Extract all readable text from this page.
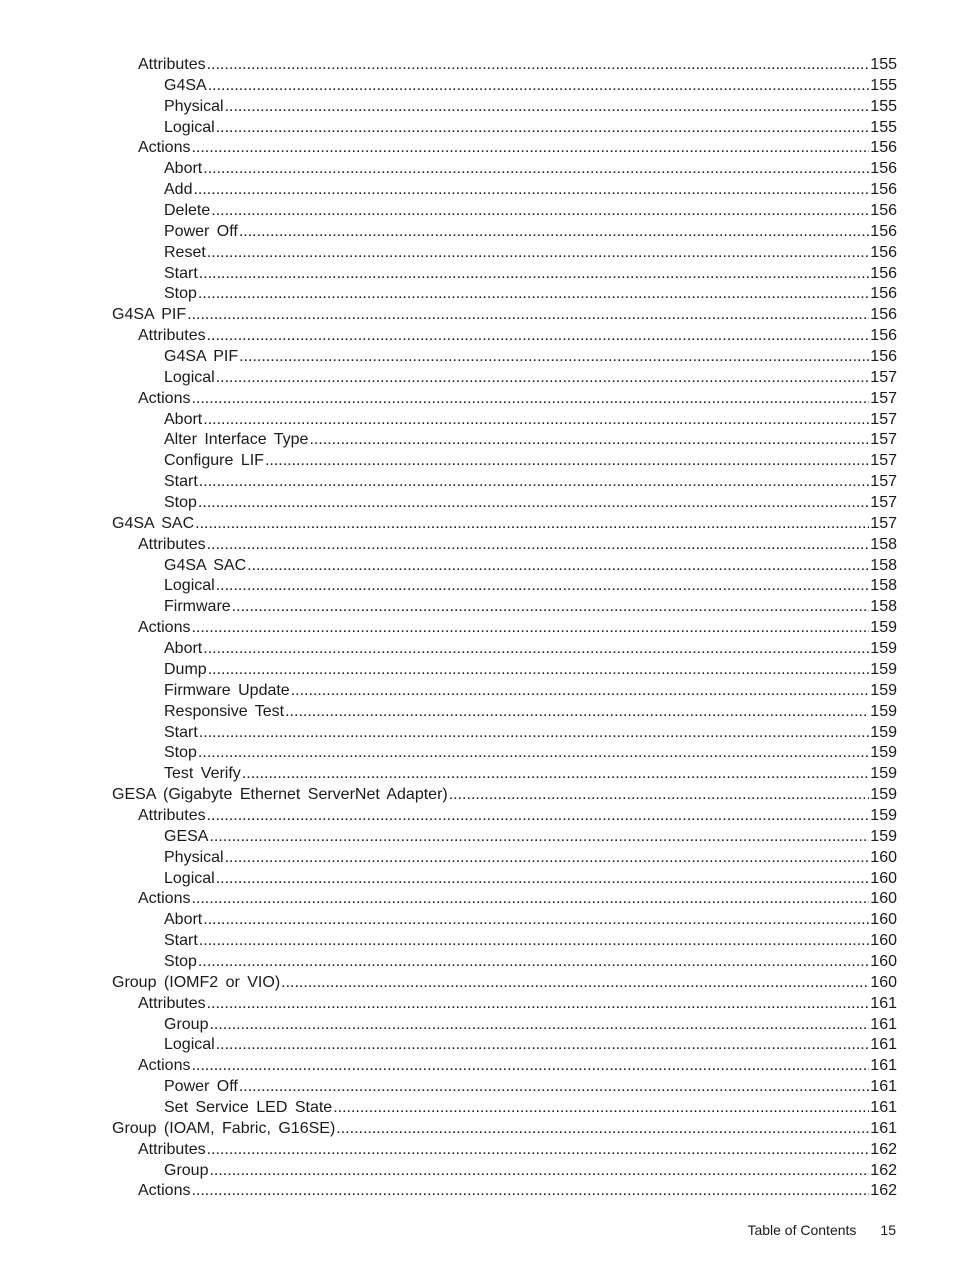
Attributes .....	155
G4SA .....	155
Physical .....	155
Logical .....	155
Actions .....	156
Abort .....	156
Add .....	156
Delete .....	156
Power Off .....	156
Reset .....	156
Start .....	156
Stop .....	156
G4SA PIF .....	156
Attributes .....	156
G4SA PIF .....	156
Logical .....	157
Actions .....	157
Abort .....	157
Alter Interface Type .....	157
Configure LIF .....	157
Start .....	157
Stop .....	157
G4SA SAC .....	157
Attributes .....	158
G4SA SAC .....	158
Logical .....	158
Firmware .....	158
Actions .....	159
Abort .....	159
Dump .....	159
Firmware Update .....	159
Responsive Test .....	159
Start .....	159
Stop .....	159
Test Verify .....	159
GESA (Gigabyte Ethernet ServerNet Adapter) .....	159
Attributes .....	159
GESA .....	159
Physical .....	160
Logical .....	160
Actions .....	160
Abort .....	160
Start .....	160
Stop .....	160
Group (IOMF2 or VIO) .....	160
Attributes .....	161
Group .....	161
Logical .....	161
Actions .....	161
Power Off .....	161
Set Service LED State .....	161
Group (IOAM, Fabric, G16SE) .....	161
Attributes .....	162
Group .....	162
Actions .....	162
Table of Contents 15
